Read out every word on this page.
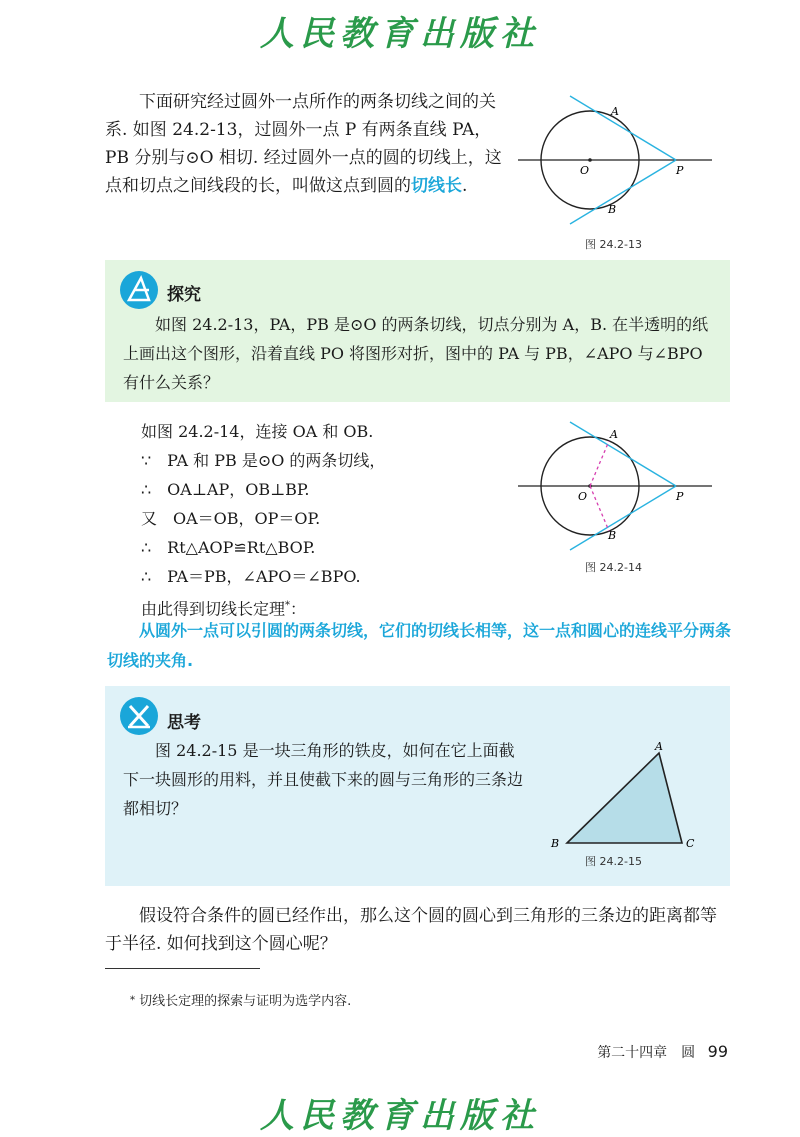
人民教育出版社
下面研究经过圆外一点所作的两条切线之间的关系. 如图 24.2-13，过圆外一点 P 有两条直线 PA，PB 分别与⊙O 相切. 经过圆外一点的圆的切线上，这点和切点之间线段的长，叫做这点到圆的切线长.
A
B
O	P
图 24.2-13
探究
如图 24.2-13，PA，PB 是⊙O 的两条切线，切点分别为 A，B. 在半透明的纸上画出这个图形，沿着直线 PO 将图形对折，图中的 PA 与 PB，∠APO 与∠BPO 有什么关系？
如图 24.2-14，连接 OA 和 OB.
∵　PA 和 PB 是⊙O 的两条切线，
∴　OA⊥AP，OB⊥BP.
又　OA＝OB，OP＝OP.
∴　Rt△AOP≌Rt△BOP.
∴　PA＝PB，∠APO＝∠BPO.
由此得到切线长定理*：
A
B
O	P
图 24.2-14
从圆外一点可以引圆的两条切线，它们的切线长相等，这一点和圆心的连线平分两条切线的夹角.
思考
图 24.2-15 是一块三角形的铁皮，如何在它上面截下一块圆形的用料，并且使截下来的圆与三角形的三条边都相切？
A
B	C
图 24.2-15
假设符合条件的圆已经作出，那么这个圆的圆心到三角形的三条边的距离都等于半径. 如何找到这个圆心呢？
* 切线长定理的探索与证明为选学内容.
第二十四章　圆 99
人民教育出版社
